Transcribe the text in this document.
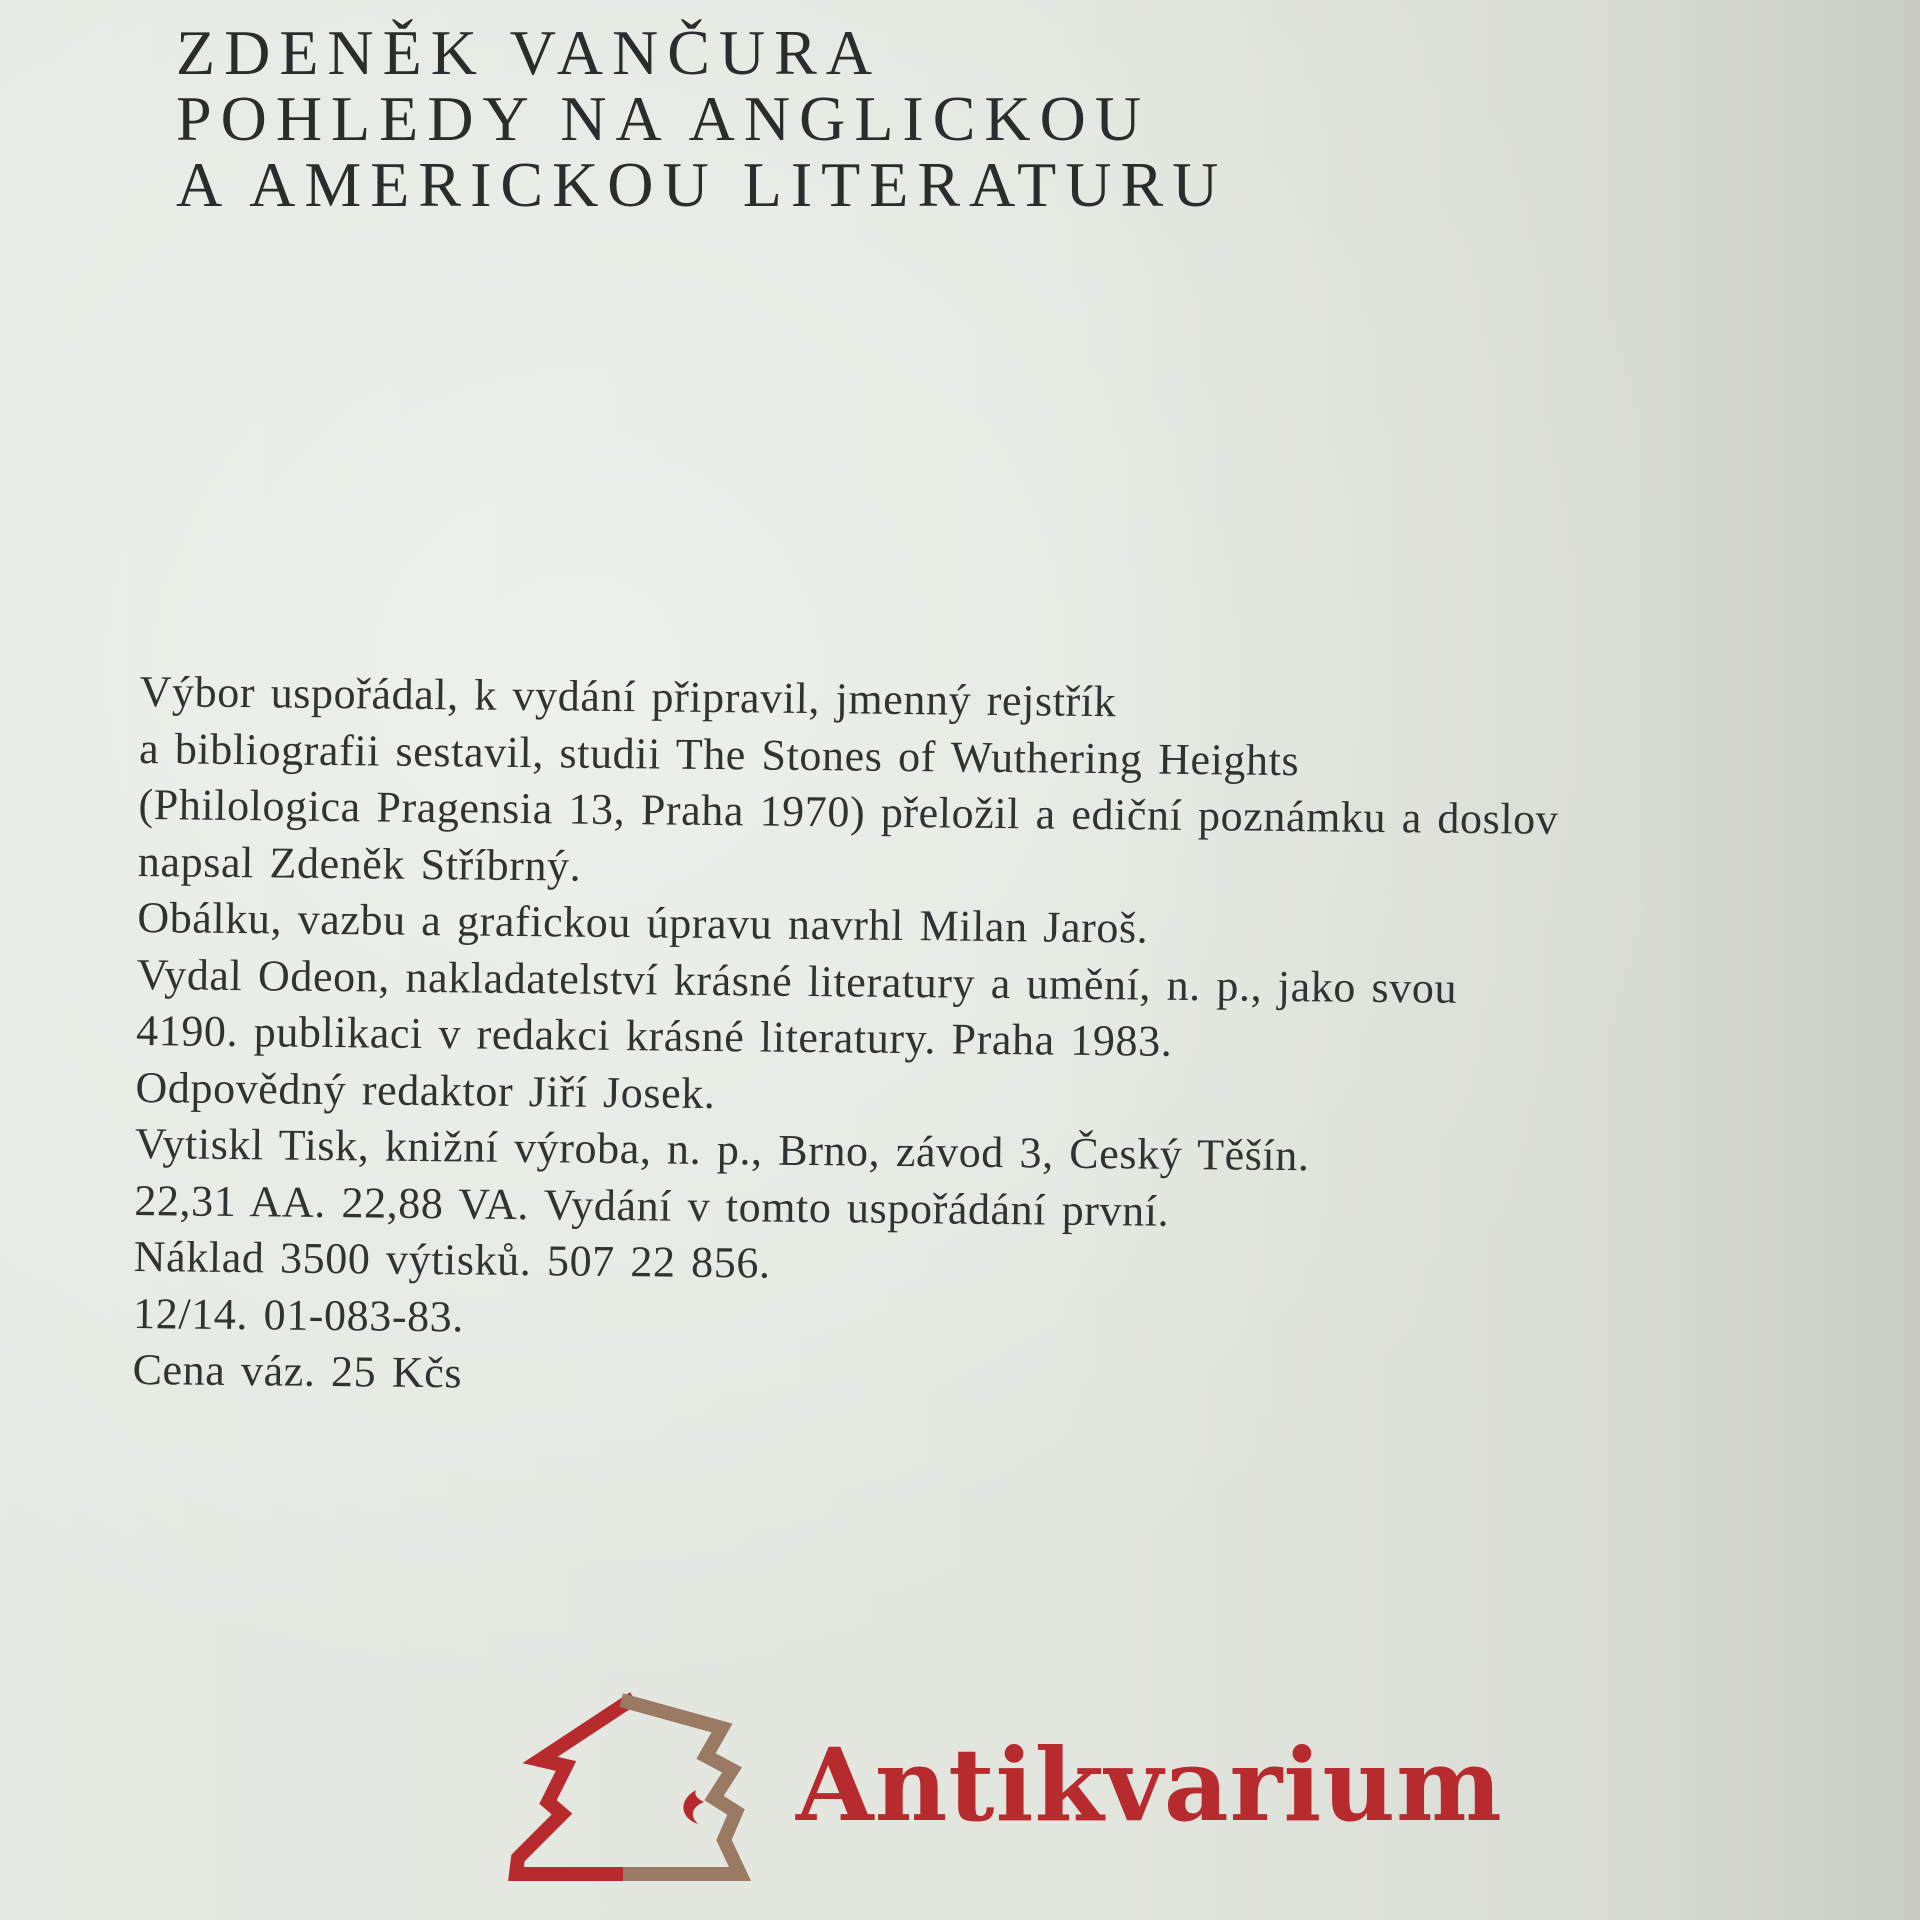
ZDENĚK VANČURA
POHLEDY NA ANGLICKOU
A AMERICKOU LITERATURU
Výbor uspořádal, k vydání připravil, jmenný rejstřík
a bibliografii sestavil, studii The Stones of Wuthering Heights
(Philologica Pragensia 13, Praha 1970) přeložil a ediční poznámku a doslov
napsal Zdeněk Stříbrný.
Obálku, vazbu a grafickou úpravu navrhl Milan Jaroš.
Vydal Odeon, nakladatelství krásné literatury a umění, n. p., jako svou
4190. publikaci v redakci krásné literatury. Praha 1983.
Odpovědný redaktor Jiří Josek.
Vytiskl Tisk, knižní výroba, n. p., Brno, závod 3, Český Těšín.
22,31 AA. 22,88 VA. Vydání v tomto uspořádání první.
Náklad 3500 výtisků. 507 22 856.
12/14. 01-083-83.
Cena váz. 25 Kčs
Antikvarium
